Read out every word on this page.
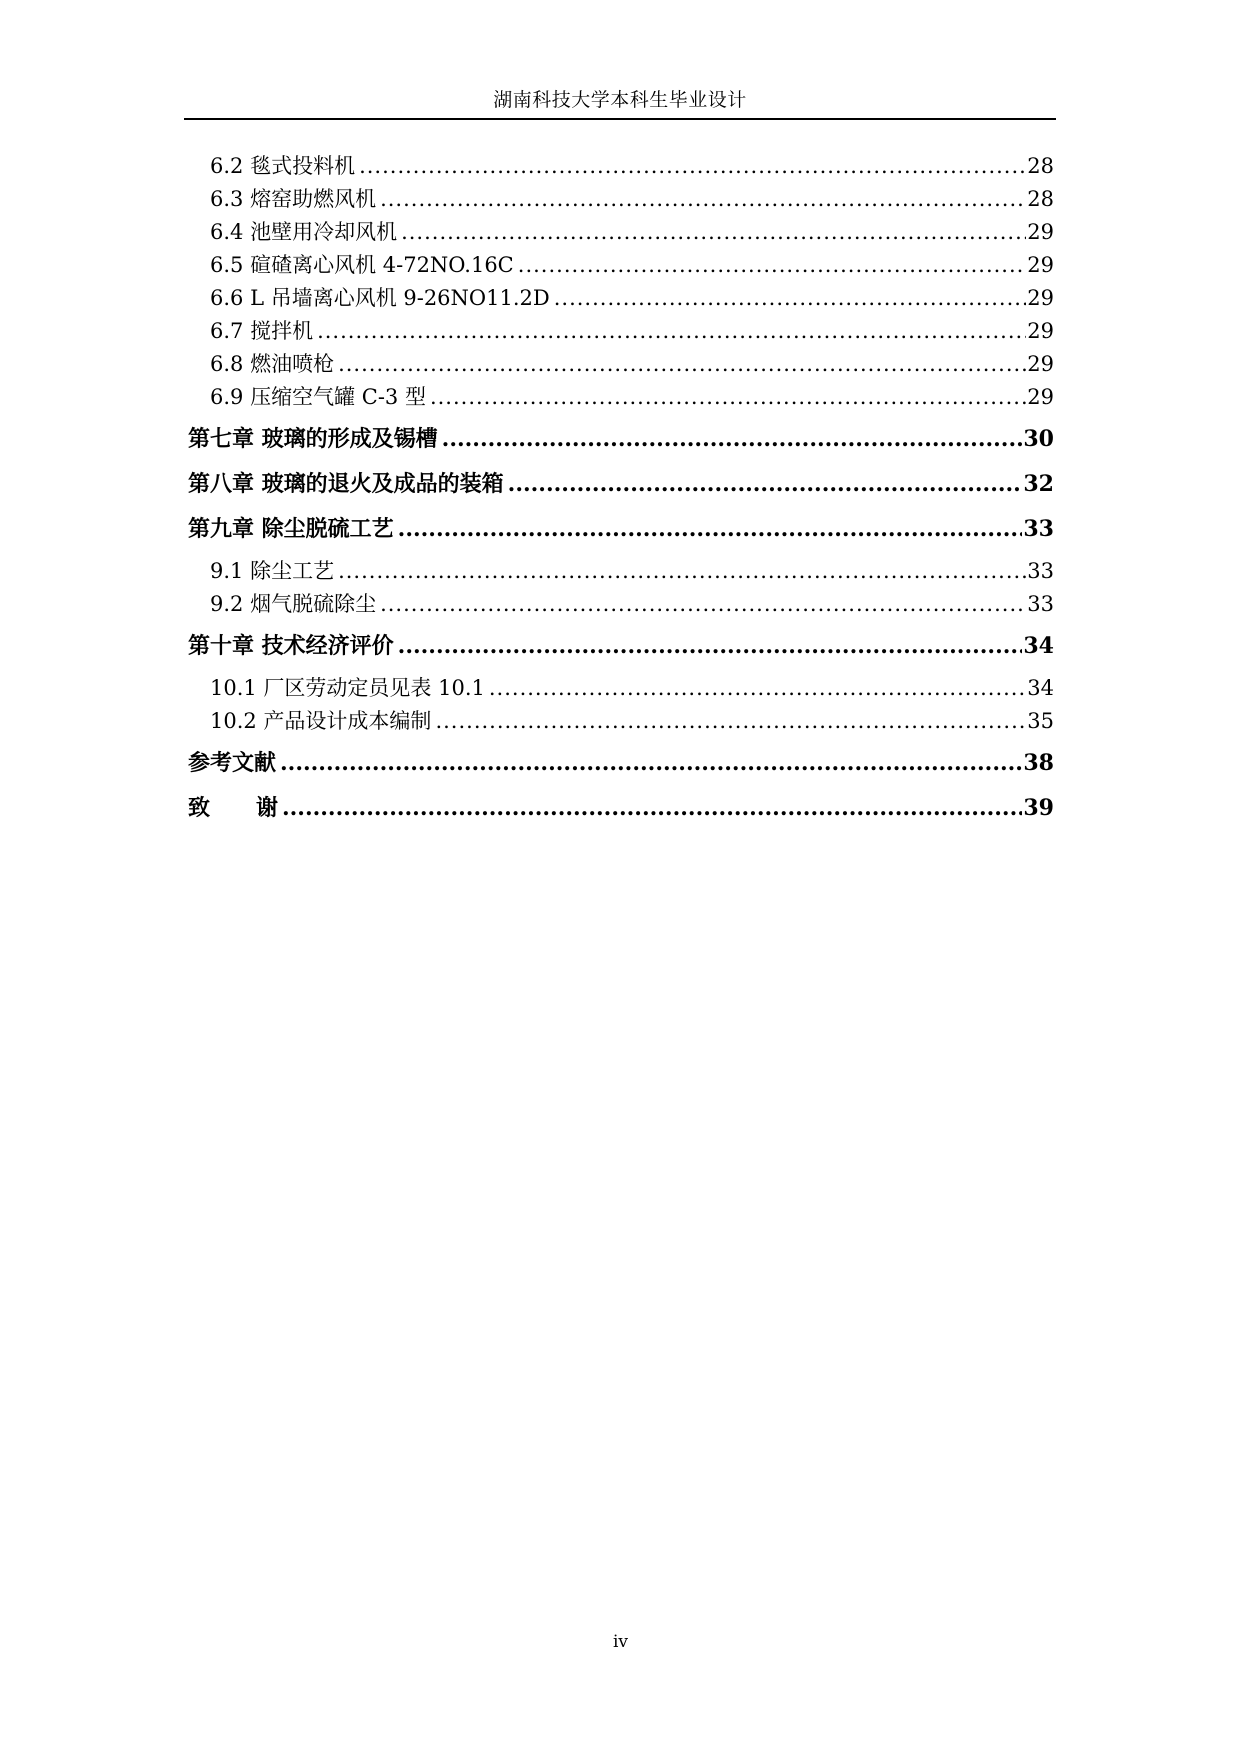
湖南科技大学本科生毕业设计
6.2 毯式投料机 .....	28
6.3 熔窑助燃风机 .....	28
6.4 池壁用冷却风机 .....	29
6.5 碹碴离心风机 4-72NO.16C .....	29
6.6 L 吊墙离心风机 9-26NO11.2D .....	29
6.7 搅拌机 .....	29
6.8 燃油喷枪 .....	29
6.9 压缩空气罐 C-3 型 .....	29
第七章 玻璃的形成及锡槽 .....	30
第八章 玻璃的退火及成品的装箱 .....	32
第九章 除尘脱硫工艺 .....	33
9.1 除尘工艺 .....	33
9.2 烟气脱硫除尘 .....	33
第十章 技术经济评价 .....	34
10.1 厂区劳动定员见表 10.1 .....	34
10.2 产品设计成本编制 .....	35
参考文献 .....	38
致      谢 .....	39
iv
